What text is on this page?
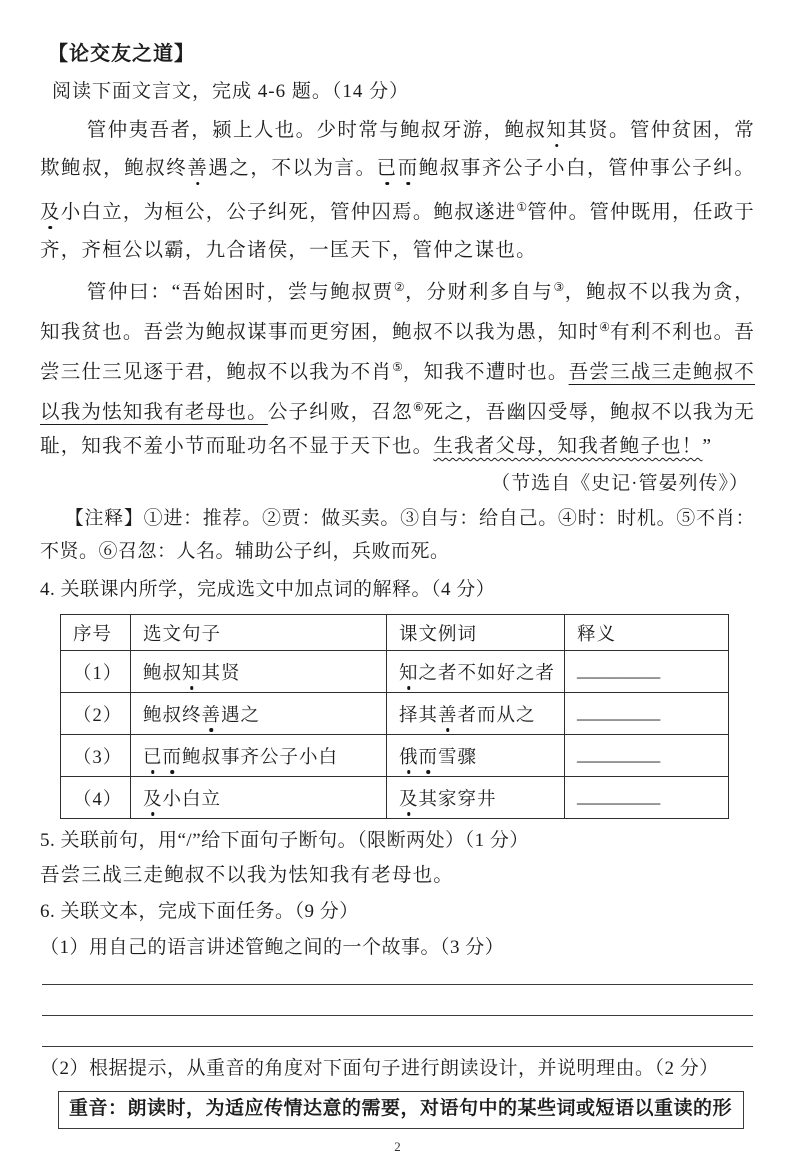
【论交友之道】

阅读下面文言文，完成 4-6 题。（14 分）

管仲夷吾者，颍上人也。少时常与鲍叔牙游，鲍叔知其贤。管仲贫困，常欺鲍叔，鲍叔终善遇之，不以为言。已而鲍叔事齐公子小白，管仲事公子纠。及小白立，为桓公，公子纠死，管仲囚焉。鲍叔遂进①管仲。管仲既用，任政于齐，齐桓公以霸，九合诸侯，一匡天下，管仲之谋也。

管仲曰：“吾始困时，尝与鲍叔贾②，分财利多自与③，鲍叔不以我为贪，知我贫也。吾尝为鲍叔谋事而更穷困，鲍叔不以我为愚，知时④有利不利也。吾尝三仕三见逐于君，鲍叔不以我为不肖⑤，知我不遭时也。吾尝三战三走鲍叔不以我为怯知我有老母也。公子纠败，召忽⑥死之，吾幽囚受辱，鲍叔不以我为无耻，知我不羞小节而耻功名不显于天下也。生我者父母，知我者鲍子也！”

（节选自《史记·管晏列传》）

【注释】①进：推荐。②贾：做买卖。③自与：给自己。④时：时机。⑤不肖：不贤。⑥召忽：人名。辅助公子纠，兵败而死。

4. 关联课内所学，完成选文中加点词的解释。（4 分）

序号	选文句子	课文例词	释义
（1）	鲍叔知其贤	知之者不如好之者	_________
（2）	鲍叔终善遇之	择其善者而从之	_________
（3）	已而鲍叔事齐公子小白	俄而雪骤	_________
（4）	及小白立	及其家穿井	_________

5. 关联前句，用“/”给下面句子断句。（限断两处）（1 分）

吾尝三战三走鲍叔不以我为怯知我有老母也。

6. 关联文本，完成下面任务。（9 分）

（1）用自己的语言讲述管鲍之间的一个故事。（3 分）

（2）根据提示，从重音的角度对下面句子进行朗读设计，并说明理由。（2 分）

重音：朗读时，为适应传情达意的需要，对语句中的某些词或短语以重读的形
2
